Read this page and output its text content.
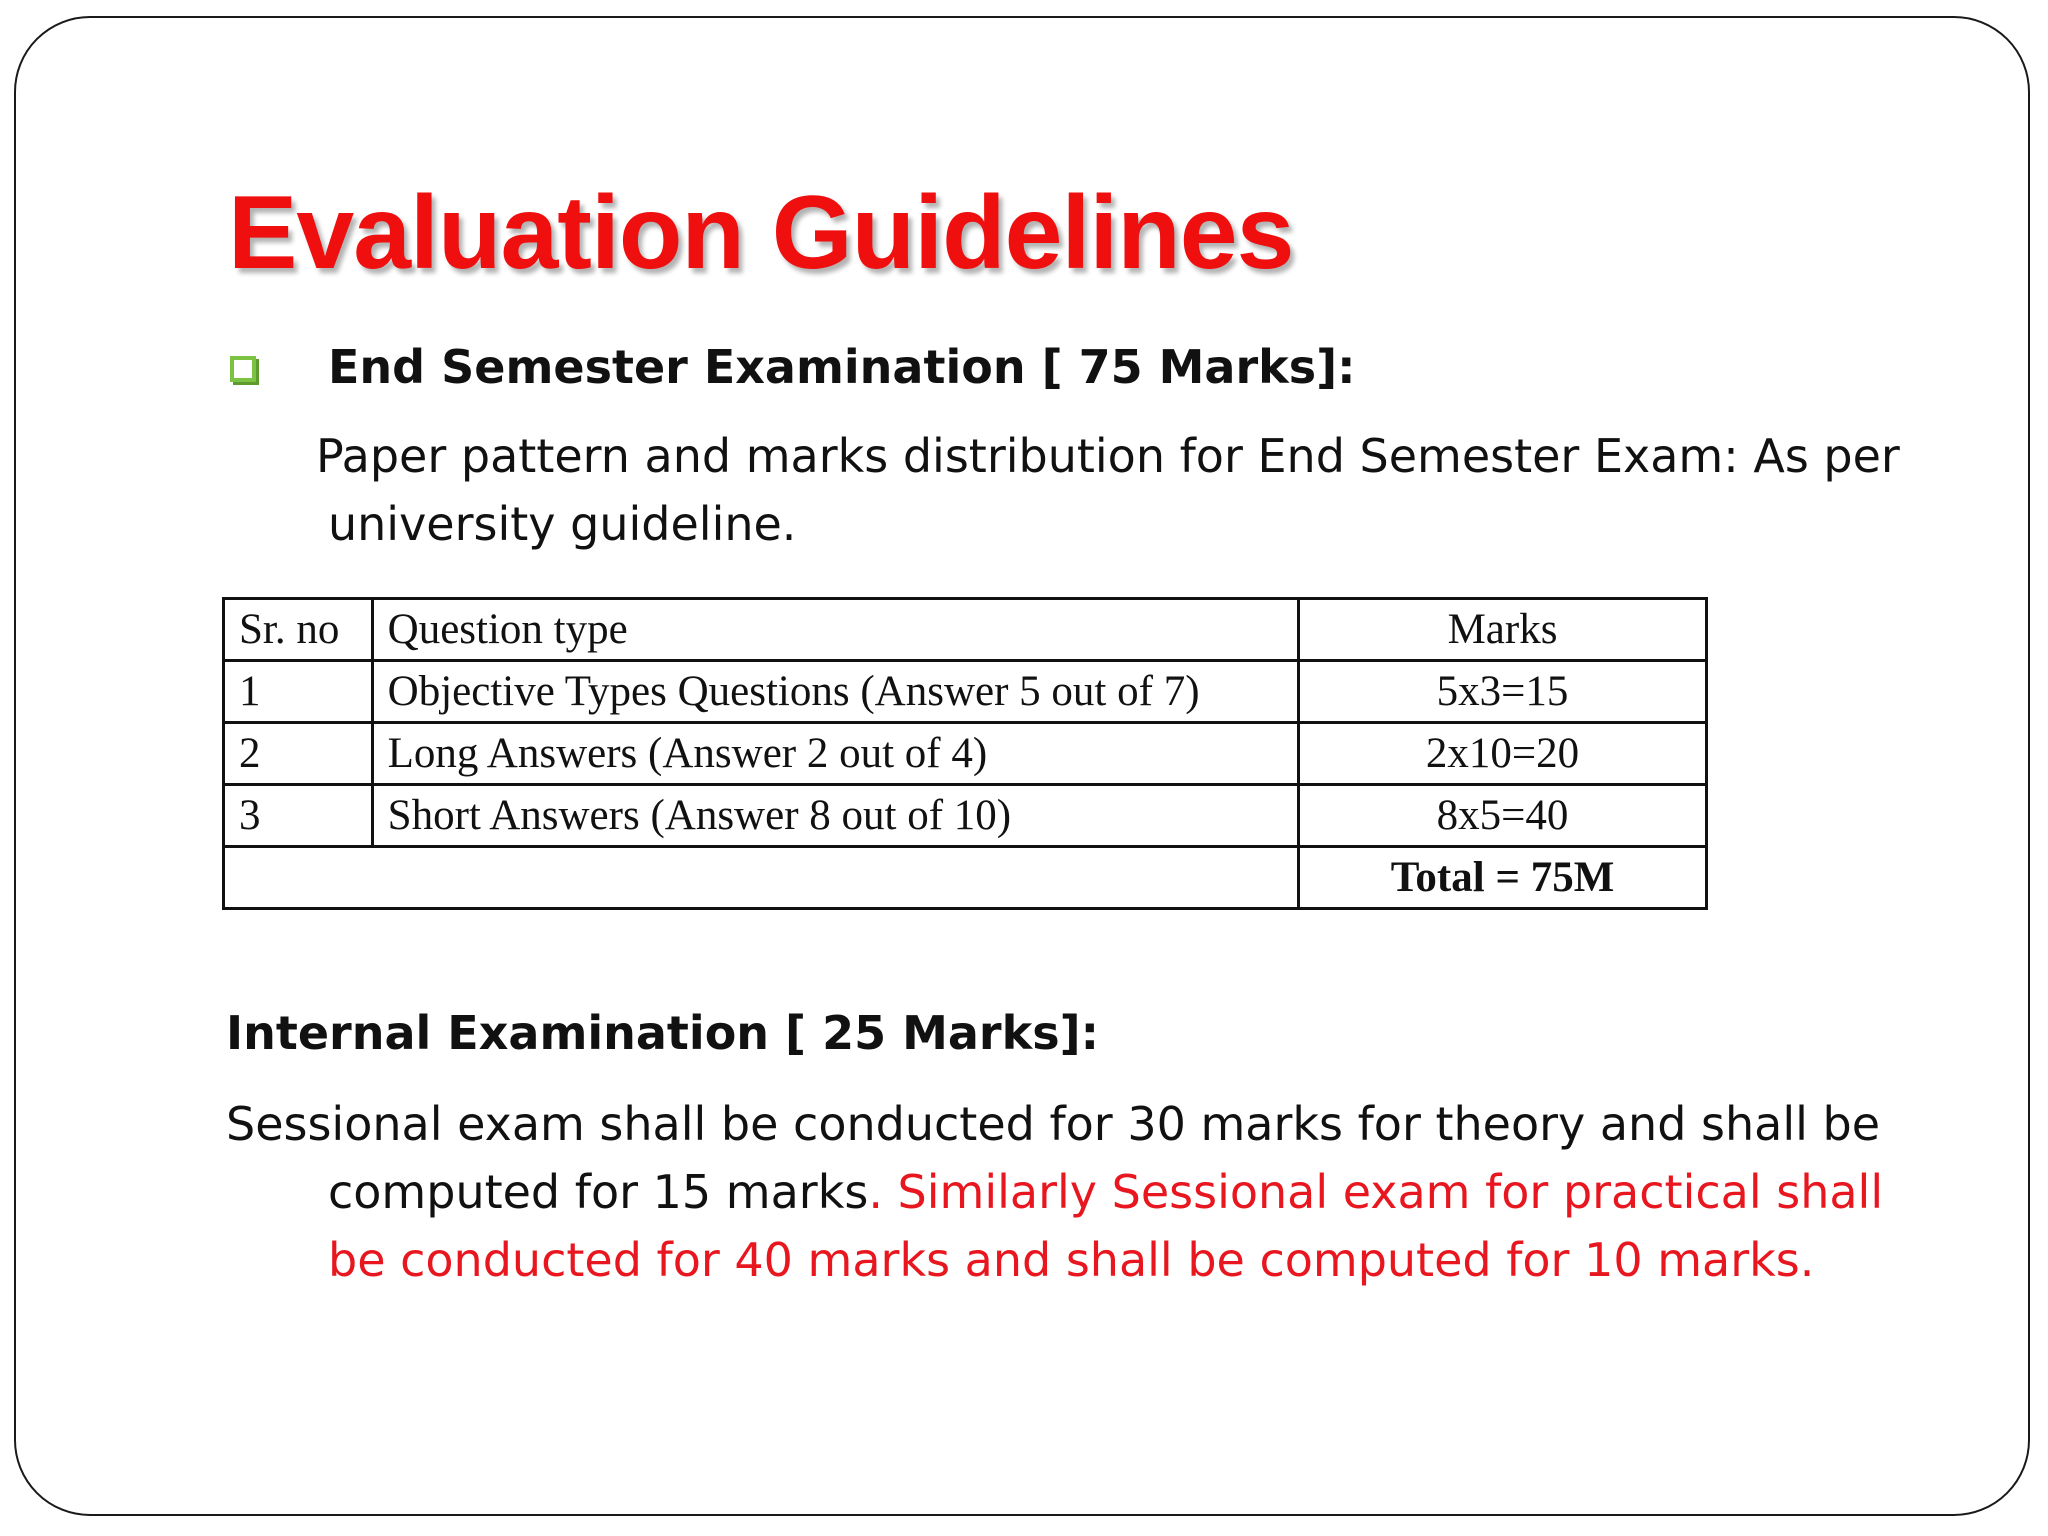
Evaluation Guidelines
End Semester Examination [ 75 Marks]:

Paper pattern and marks distribution for End Semester Exam: As per
university guideline.

Sr. no	Question type	Marks
1	Objective Types Questions (Answer 5 out of 7)	5x3=15
2	Long Answers (Answer 2 out of 4)	2x10=20
3	Short Answers (Answer 8 out of 10)	8x5=40
		Total = 75M
Internal Examination [ 25 Marks]:

Sessional exam shall be conducted for 30 marks for theory and shall be
computed for 15 marks. Similarly Sessional exam for practical shall
be conducted for 40 marks and shall be computed for 10 marks.
